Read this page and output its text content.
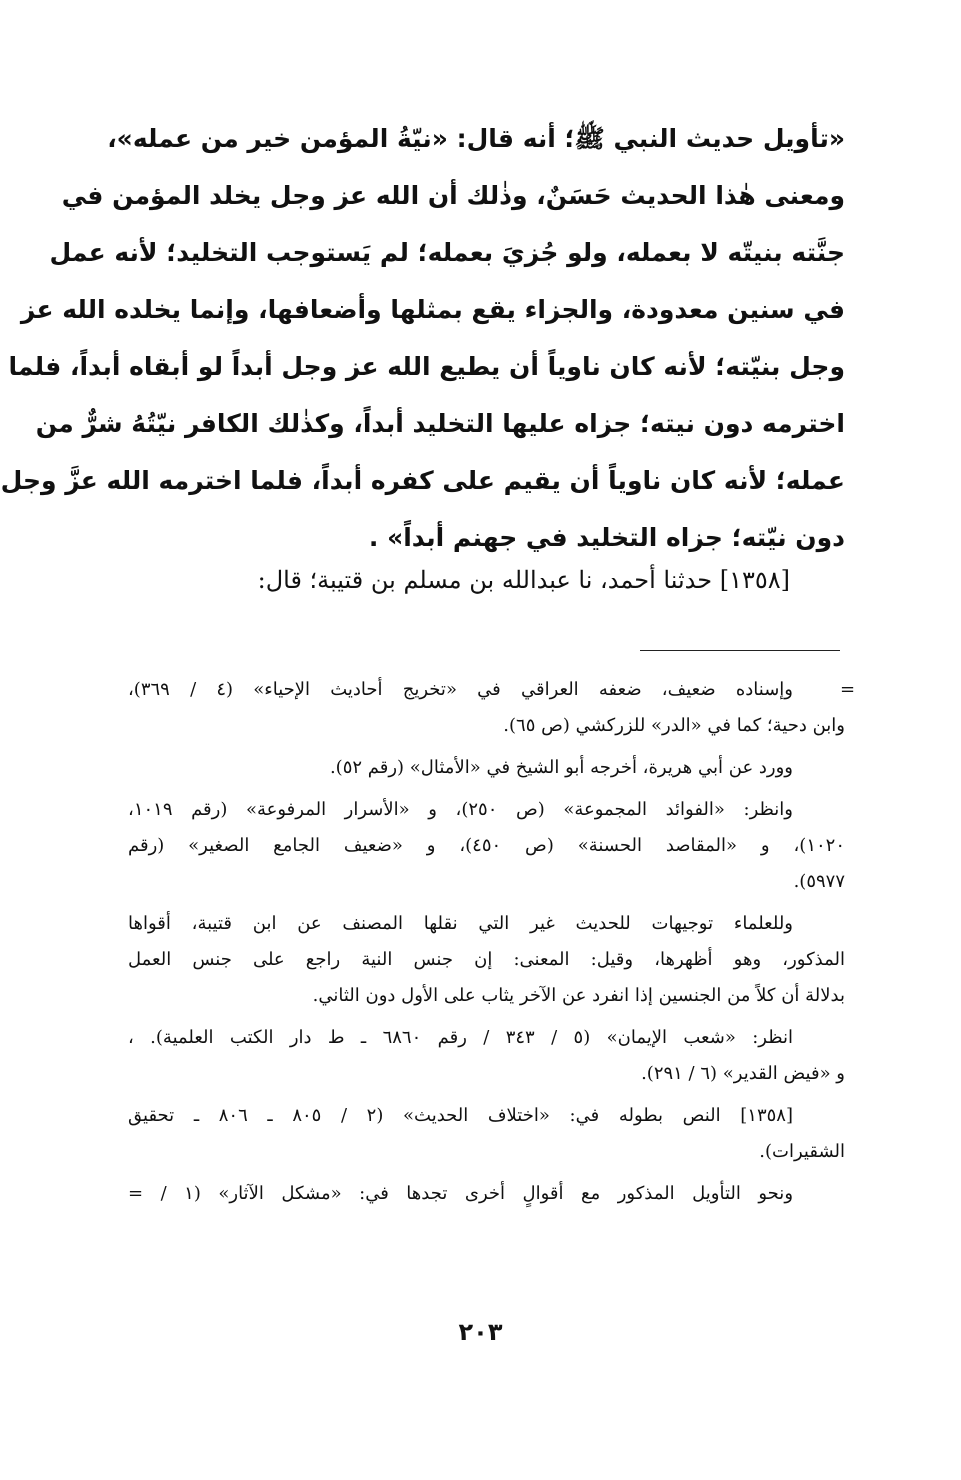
«تأويل حديث النبي ﷺ؛ أنه قال: «نيّةُ المؤمن خير من عمله»،
ومعنى هٰذا الحديث حَسَنٌ، وذٰلك أن الله عز وجل يخلد المؤمن في
جنَّته بنيتّه لا بعمله، ولو جُزيَ بعمله؛ لم يَستوجب التخليد؛ لأنه عمل
في سنين معدودة، والجزاء يقع بمثلها وأضعافها، وإنما يخلده الله عز
وجل بنيّته؛ لأنه كان ناوياً أن يطيع الله عز وجل أبداً لو أبقاه أبداً، فلما
اخترمه دون نيته؛ جزاه عليها التخليد أبداً، وكذٰلك الكافر نيّتُهُ شرٌّ من
عمله؛ لأنه كان ناوياً أن يقيم على كفره أبداً، فلما اخترمه الله عزَّ وجل
دون نيّته؛ جزاه التخليد في جهنم أبداً» .
[١٣٥٨] حدثنا أحمد، نا عبدالله بن مسلم بن قتيبة؛ قال:
=
وإسناده ضعيف، ضعفه العراقي في «تخريج أحاديث الإحياء» (٤ / ٣٦٩)،
وابن دحية؛ كما في «الدر» للزركشي (ص ٦٥).
وورد عن أبي هريرة، أخرجه أبو الشيخ في «الأمثال» (رقم ٥٢).
وانظر: «الفوائد المجموعة» (ص ٢٥٠)، و «الأسرار المرفوعة» (رقم ١٠١٩،
١٠٢٠)، و «المقاصد الحسنة» (ص ٤٥٠)، و «ضعيف الجامع الصغير» (رقم
٥٩٧٧).
وللعلماء توجيهات للحديث غير التي نقلها المصنف عن ابن قتيبة، أقواها
المذكور، وهو أظهرها، وقيل: المعنى: إن جنس النية راجع على جنس العمل
بدلالة أن كلاً من الجنسين إذا انفرد عن الآخر يثاب على الأول دون الثاني.
انظر: «شعب الإيمان» (٥ / ٣٤٣ / رقم ٦٨٦٠ ـ ط دار الكتب العلمية). ،
و «فيض القدير» (٦ / ٢٩١).
[١٣٥٨] النص بطوله في: «اختلاف الحديث» (٢ / ٨٠٥ ـ ٨٠٦ ـ تحقيق
الشقيرات).
ونحو التأويل المذكور مع أقوالٍ أخرى تجدها في: «مشكل الآثار» (١ / =
٢٠٣
